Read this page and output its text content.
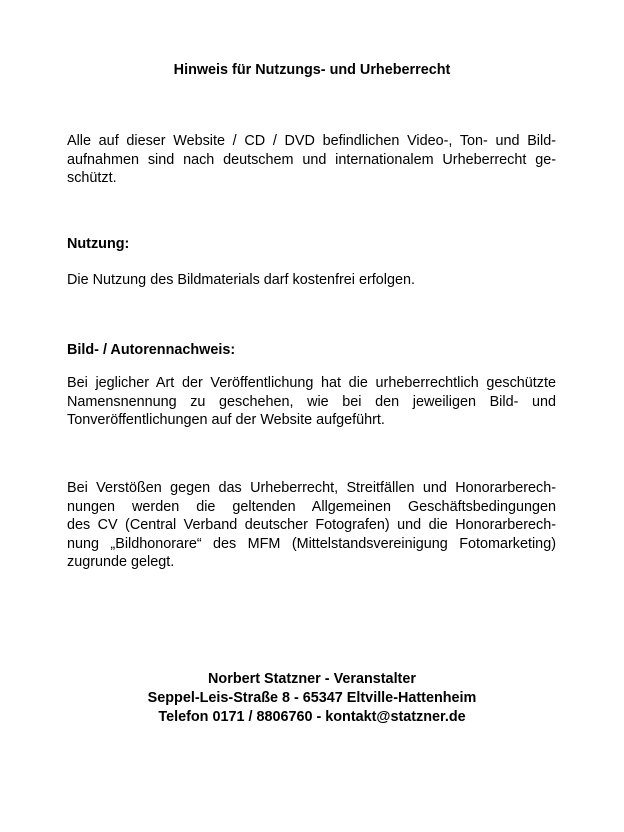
Hinweis für Nutzungs- und Urheberrecht
Alle auf dieser Website / CD / DVD befindlichen Video-, Ton- und Bild-
aufnahmen sind nach deutschem und internationalem Urheberrecht ge-
schützt.
Nutzung:
Die Nutzung des Bildmaterials darf kostenfrei erfolgen.
Bild- / Autorennachweis:
Bei jeglicher Art der Veröffentlichung hat die urheberrechtlich geschützte
Namensnennung zu geschehen, wie bei den jeweiligen Bild- und
Tonveröffentlichungen auf der Website aufgeführt.
Bei Verstößen gegen das Urheberrecht, Streitfällen und Honorarberech-
nungen werden die geltenden Allgemeinen Geschäftsbedingungen
des CV (Central Verband deutscher Fotografen) und die Honorarberech-
nung „Bildhonorare“ des MFM (Mittelstandsvereinigung Fotomarketing)
zugrunde gelegt.
Norbert Statzner - Veranstalter
Seppel-Leis-Straße 8 - 65347 Eltville-Hattenheim
Telefon 0171 / 8806760 - kontakt@statzner.de
